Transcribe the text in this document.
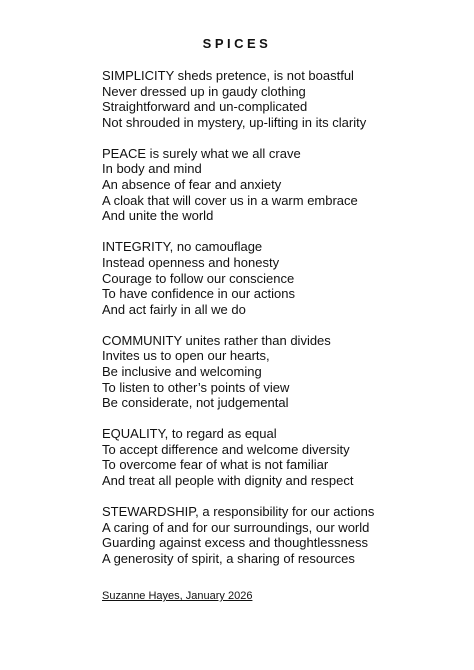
SPICES
SIMPLICITY sheds pretence, is not boastful
Never dressed up in gaudy clothing
Straightforward and un-complicated
Not shrouded in mystery, up-lifting in its clarity
PEACE is surely what we all crave
In body and mind
An absence of fear and anxiety
A cloak that will cover us in a warm embrace
And unite the world
INTEGRITY, no camouflage
Instead openness and honesty
Courage to follow our conscience
To have confidence in our actions
And act fairly in all we do
COMMUNITY unites rather than divides
Invites us to open our hearts,
Be inclusive and welcoming
To listen to other’s points of view
Be considerate, not judgemental
EQUALITY, to regard as equal
To accept difference and welcome diversity
To overcome fear of what is not familiar
And treat all people with dignity and respect
STEWARDSHIP, a responsibility for our actions
A caring of and for our surroundings, our world
Guarding against excess and thoughtlessness
A generosity of spirit, a sharing of resources
Suzanne Hayes, January 2026
